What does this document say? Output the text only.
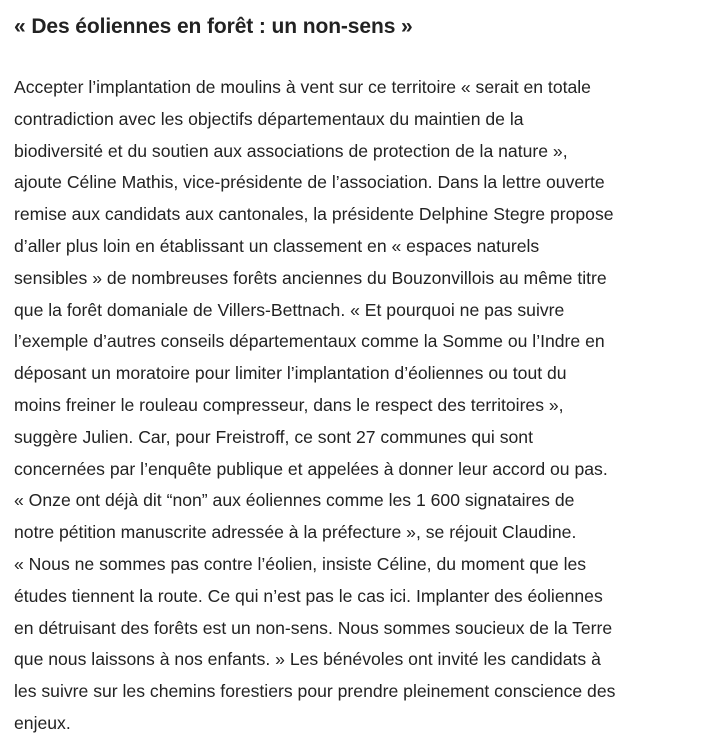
« Des éoliennes en forêt : un non-sens »

Accepter l’implantation de moulins à vent sur ce territoire « serait en totale
contradiction avec les objectifs départementaux du maintien de la
biodiversité et du soutien aux associations de protection de la nature »,
ajoute Céline Mathis, vice-présidente de l’association. Dans la lettre ouverte
remise aux candidats aux cantonales, la présidente Delphine Stegre propose
d’aller plus loin en établissant un classement en « espaces naturels
sensibles » de nombreuses forêts anciennes du Bouzonvillois au même titre
que la forêt domaniale de Villers-Bettnach. « Et pourquoi ne pas suivre
l’exemple d’autres conseils départementaux comme la Somme ou l’Indre en
déposant un moratoire pour limiter l’implantation d’éoliennes ou tout du
moins freiner le rouleau compresseur, dans le respect des territoires »,
suggère Julien. Car, pour Freistroff, ce sont 27 communes qui sont
concernées par l’enquête publique et appelées à donner leur accord ou pas.
« Onze ont déjà dit “non” aux éoliennes comme les 1 600 signataires de
notre pétition manuscrite adressée à la préfecture », se réjouit Claudine.
« Nous ne sommes pas contre l’éolien, insiste Céline, du moment que les
études tiennent la route. Ce qui n’est pas le cas ici. Implanter des éoliennes
en détruisant des forêts est un non-sens. Nous sommes soucieux de la Terre
que nous laissons à nos enfants. » Les bénévoles ont invité les candidats à
les suivre sur les chemins forestiers pour prendre pleinement conscience des
enjeux.
